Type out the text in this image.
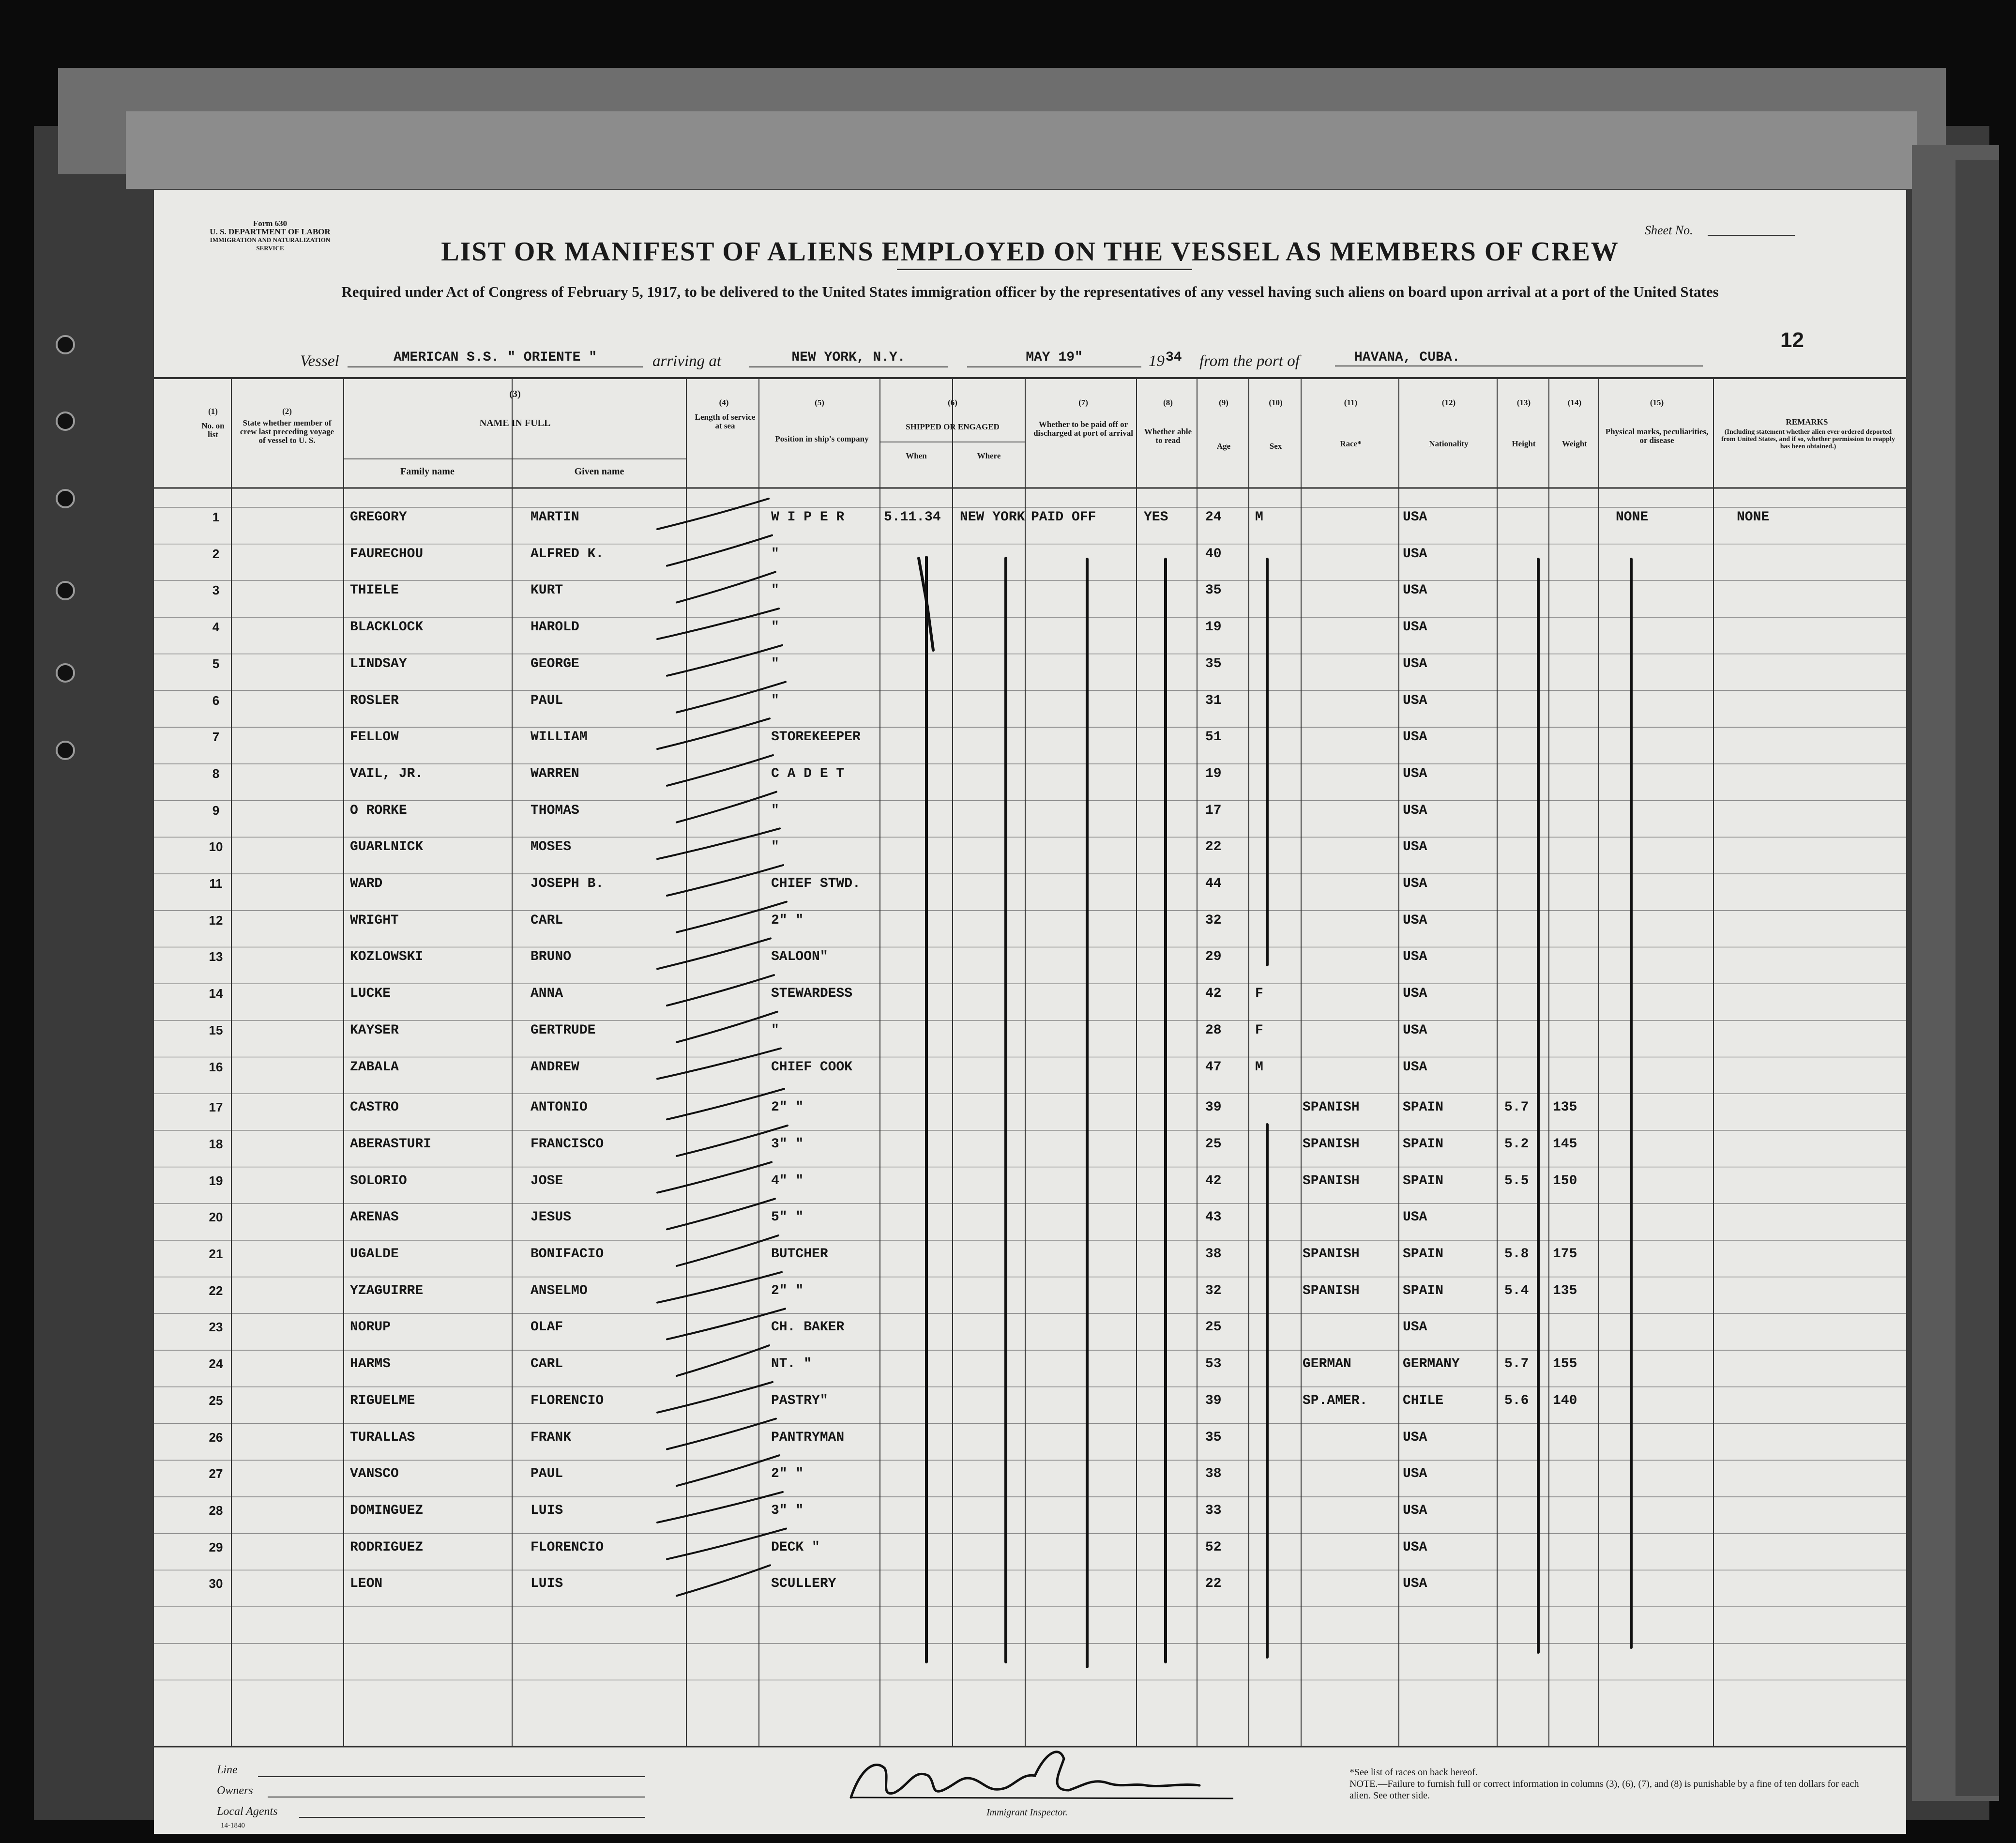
Form 630
U. S. DEPARTMENT OF LABOR
IMMIGRATION AND NATURALIZATION SERVICE
Sheet No.
LIST OR MANIFEST OF ALIENS EMPLOYED ON THE VESSEL AS MEMBERS OF CREW
Required under Act of Congress of February 5, 1917, to be delivered to the United States immigration officer by the representatives of any vessel having such aliens on board upon arrival at a port of the United States
12
Vessel	AMERICAN S.S. " ORIENTE "	arriving at	NEW YORK, N.Y.	MAY 19"	19 34 from the port of	HAVANA, CUBA.
(1)
No. on list
(2)
State whether member of crew last preceding voyage of vessel to U. S.
(3)
NAME IN FULL
Family name	Given name
(4)
Length of service at sea
(5)
Position in ship's company
(6)
SHIPPED OR ENGAGED
When	Where
(7)
Whether to be paid off or discharged at port of arrival
(8)
Whether able to read
(9)
Age
(10)
Sex
(11)
Race*
(12)
Nationality
(13)
Height
(14)
Weight
(15)
Physical marks, peculiarities, or disease
REMARKS
(Including statement whether alien ever ordered deported from United States, and if so, whether permission to reapply has been obtained.)
1	GREGORY	MARTIN	W I P E R	5.11.34 NEW YORK PAID OFF	YES	24 M	USA	NONE	NONE
2	FAURECHOU	ALFRED K.	"	40	USA
3	THIELE	KURT	"	35	USA
4	BLACKLOCK	HAROLD	"	19	USA
5	LINDSAY	GEORGE	"	35	USA
6	ROSLER	PAUL	"	31	USA
7	FELLOW	WILLIAM	STOREKEEPER	51	USA
8	VAIL, JR.	WARREN	C A D E T	19	USA
9	O RORKE	THOMAS	"	17	USA
10	GUARLNICK	MOSES	"	22	USA
11	WARD	JOSEPH B.	CHIEF STWD.	44	USA
12	WRIGHT	CARL	2" "	32	USA
13	KOZLOWSKI	BRUNO	SALOON"	29	USA
14	LUCKE	ANNA	STEWARDESS	42 F	USA
15	KAYSER	GERTRUDE	"	28 F	USA
16	ZABALA	ANDREW	CHIEF COOK	47 M	USA
17	CASTRO	ANTONIO	2" "	39	SPANISH	SPAIN	5.7 135
18	ABERASTURI	FRANCISCO	3" "	25	SPANISH	SPAIN	5.2 145
19	SOLORIO	JOSE	4" "	42	SPANISH	SPAIN	5.5 150
20	ARENAS	JESUS	5" "	43	USA
21	UGALDE	BONIFACIO	BUTCHER	38	SPANISH	SPAIN	5.8 175
22	YZAGUIRRE	ANSELMO	2" "	32	SPANISH	SPAIN	5.4 135
23	NORUP	OLAF	CH. BAKER	25	USA
24	HARMS	CARL	NT. "	53	GERMAN	GERMANY	5.7 155
25	RIGUELME	FLORENCIO	PASTRY"	39	SP.AMER.	CHILE	5.6 140
26	TURALLAS	FRANK	PANTRYMAN	35	USA
27	VANSCO	PAUL	2" "	38	USA
28	DOMINGUEZ	LUIS	3" "	33	USA
29	RODRIGUEZ	FLORENCIO	DECK "	52	USA
30	LEON	LUIS	SCULLERY	22	USA
Line
Owners
Local Agents
14-1840
Immigrant Inspector.
*See list of races on back hereof.
NOTE.—Failure to furnish full or correct information in columns (3), (6), (7), and (8) is punishable by a fine of ten dollars for each alien. See other side.
